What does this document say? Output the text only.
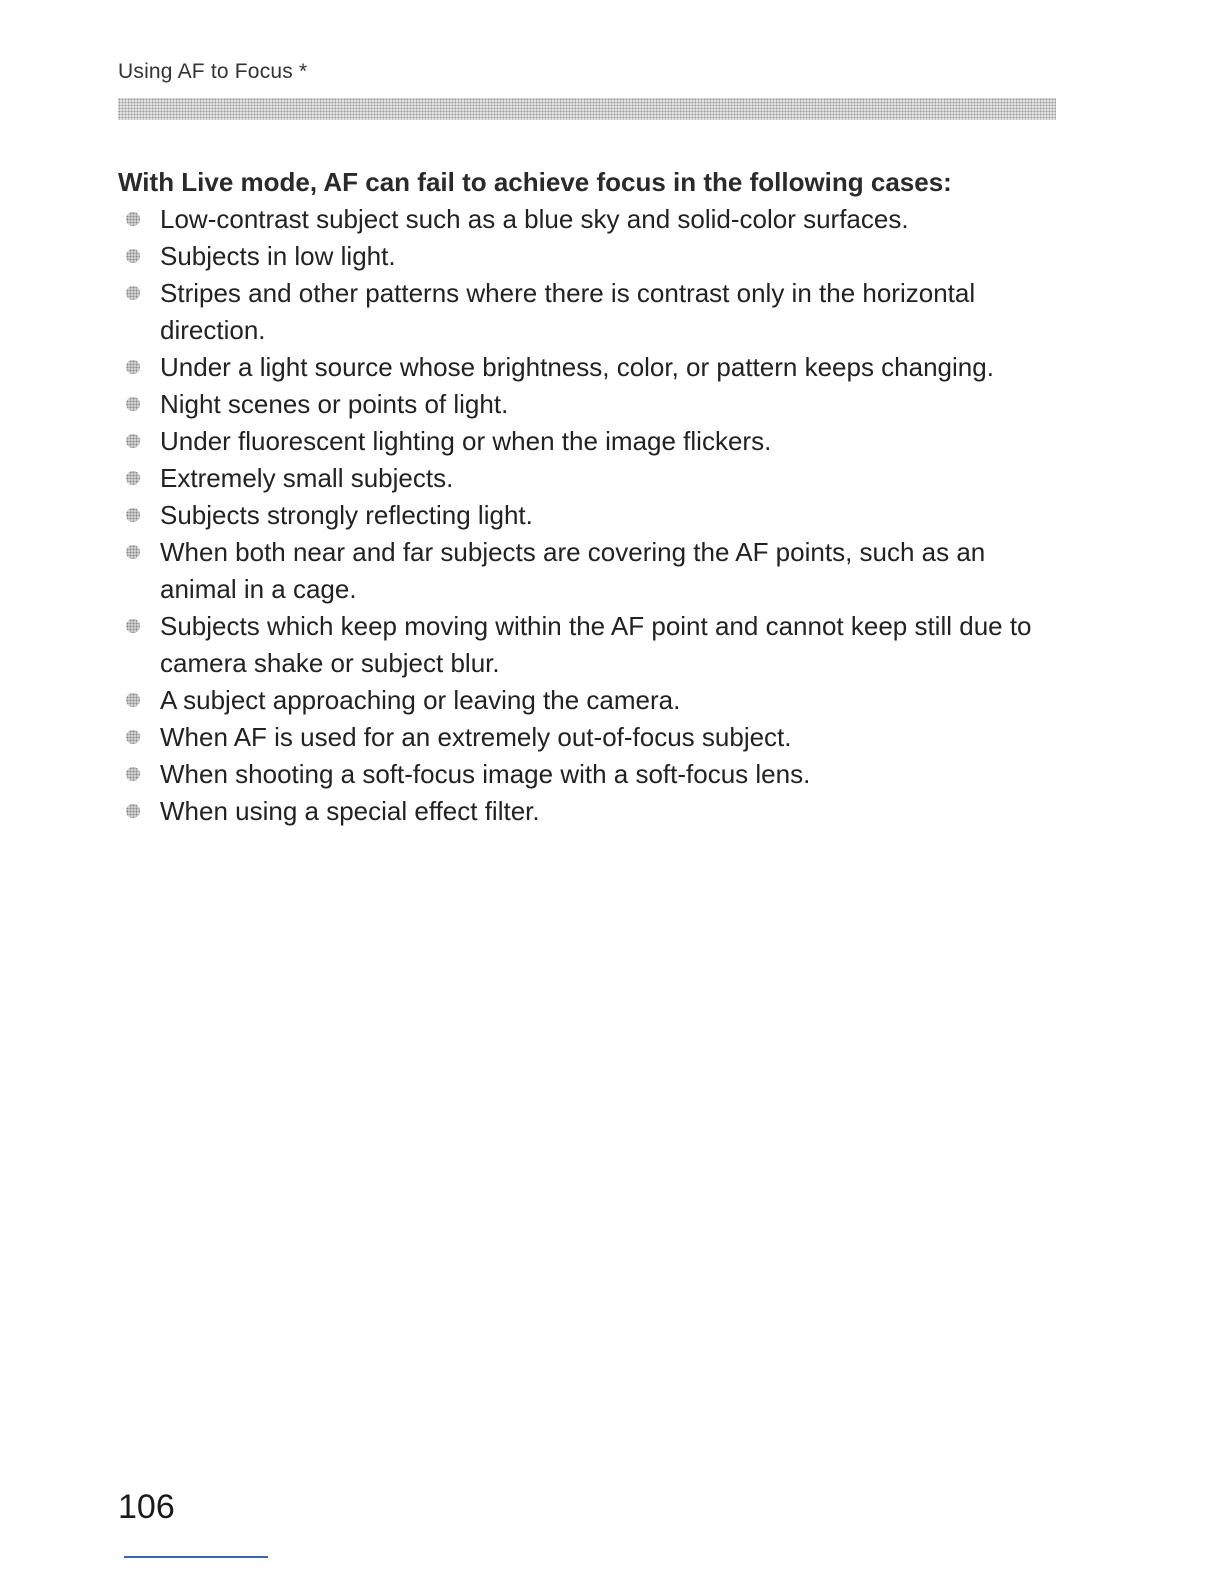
Using AF to Focus *

With Live mode, AF can fail to achieve focus in the following cases:

Low-contrast subject such as a blue sky and solid-color surfaces.
Subjects in low light.
Stripes and other patterns where there is contrast only in the horizontal direction.
Under a light source whose brightness, color, or pattern keeps changing.
Night scenes or points of light.
Under fluorescent lighting or when the image flickers.
Extremely small subjects.
Subjects strongly reflecting light.
When both near and far subjects are covering the AF points, such as an animal in a cage.
Subjects which keep moving within the AF point and cannot keep still due to camera shake or subject blur.
A subject approaching or leaving the camera.
When AF is used for an extremely out-of-focus subject.
When shooting a soft-focus image with a soft-focus lens.
When using a special effect filter.
106
